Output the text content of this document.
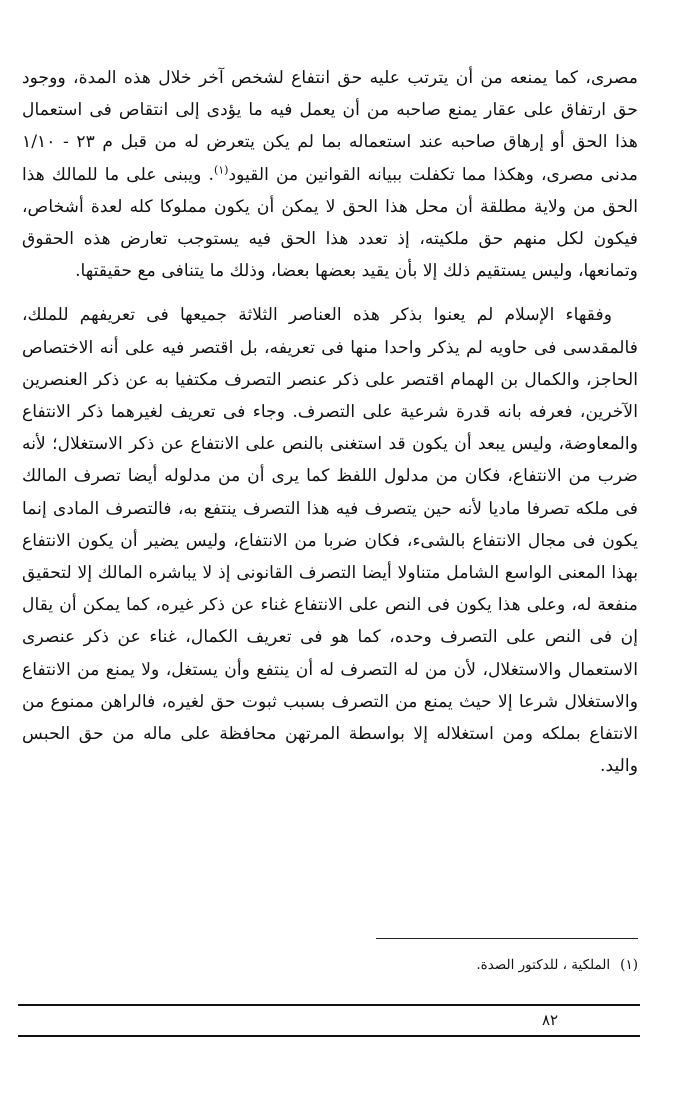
مصرى، كما يمنعه من أن يترتب عليه حق انتفاع لشخص آخر خلال هذه المدة، ووجود حق ارتفاق على عقار يمنع صاحبه من أن يعمل فيه ما يؤدى إلى انتقاص فى استعمال هذا الحق أو إرهاق صاحبه عند استعماله بما لم يكن يتعرض له من قبل م ٢٣ - ١/١٠ مدنى مصرى، وهكذا مما تكفلت ببيانه القوانين من القيود$^{(١)}$. ويبنى على ما للمالك هذا الحق من ولاية مطلقة أن محل هذا الحق لا يمكن أن يكون مملوكا كله لعدة أشخاص، فيكون لكل منهم حق ملكيته، إذ تعدد هذا الحق فيه يستوجب تعارض هذه الحقوق وتمانعها، وليس يستقيم ذلك إلا بأن يقيد بعضها بعضا، وذلك ما يتنافى مع حقيقتها.

وفقهاء الإسلام لم يعنوا بذكر هذه العناصر الثلاثة جميعها فى تعريفهم للملك، فالمقدسى فى حاويه لم يذكر واحدا منها فى تعريفه، بل اقتصر فيه على أنه الاختصاص الحاجز، والكمال بن الهمام اقتصر على ذكر عنصر التصرف مكتفيا به عن ذكر العنصرين الآخرين، فعرفه بانه قدرة شرعية على التصرف. وجاء فى تعريف لغيرهما ذكر الانتفاع والمعاوضة، وليس يبعد أن يكون قد استغنى بالنص على الانتفاع عن ذكر الاستغلال؛ لأنه ضرب من الانتفاع، فكان من مدلول اللفظ كما يرى أن من مدلوله أيضا تصرف المالك فى ملكه تصرفا ماديا لأنه حين يتصرف فيه هذا التصرف ينتفع به، فالتصرف المادى إنما يكون فى مجال الانتفاع بالشىء، فكان ضربا من الانتفاع، وليس يضير أن يكون الانتفاع بهذا المعنى الواسع الشامل متناولا أيضا التصرف القانونى إذ لا يباشره المالك إلا لتحقيق منفعة له، وعلى هذا يكون فى النص على الانتفاع غناء عن ذكر غيره، كما يمكن أن يقال إن فى النص على التصرف وحده، كما هو فى تعريف الكمال، غناء عن ذكر عنصرى الاستعمال والاستغلال، لأن من له التصرف له أن ينتفع وأن يستغل، ولا يمنع من الانتفاع والاستغلال شرعا إلا حيث يمنع من التصرف بسبب ثبوت حق لغيره، فالراهن ممنوع من الانتفاع بملكه ومن استغلاله إلا بواسطة المرتهن محافظة على ماله من حق الحبس واليد.

(١)الملكية ، للدكتور الصدة.
٨٢
